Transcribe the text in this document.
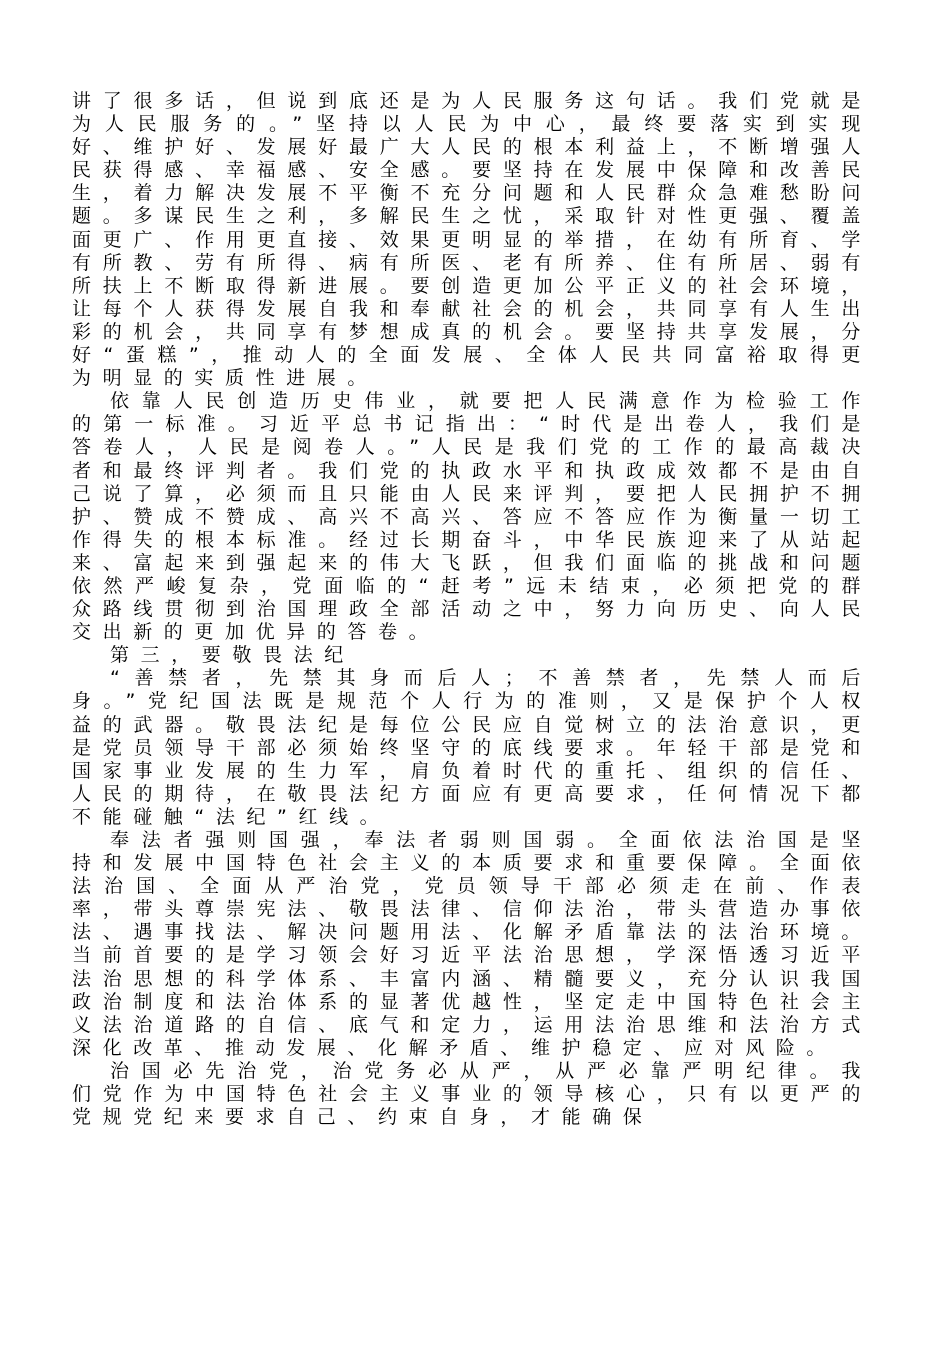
讲了很多话，但说到底还是为人民服务这句话。我们党就是为人民服务的。”坚持以人民为中心，最终要落实到实现好、维护好、发展好最广大人民的根本利益上，不断增强人民获得感、幸福感、安全感。要坚持在发展中保障和改善民生，着力解决发展不平衡不充分问题和人民群众急难愁盼问题。多谋民生之利，多解民生之忧，采取针对性更强、覆盖面更广、作用更直接、效果更明显的举措，在幼有所育、学有所教、劳有所得、病有所医、老有所养、住有所居、弱有所扶上不断取得新进展。要创造更加公平正义的社会环境，让每个人获得发展自我和奉献社会的机会，共同享有人生出彩的机会，共同享有梦想成真的机会。要坚持共享发展，分好“蛋糕”，推动人的全面发展、全体人民共同富裕取得更为明显的实质性进展。

依靠人民创造历史伟业，就要把人民满意作为检验工作的第一标准。习近平总书记指出：“时代是出卷人，我们是答卷人，人民是阅卷人。”人民是我们党的工作的最高裁决者和最终评判者。我们党的执政水平和执政成效都不是由自己说了算，必须而且只能由人民来评判，要把人民拥护不拥护、赞成不赞成、高兴不高兴、答应不答应作为衡量一切工作得失的根本标准。经过长期奋斗，中华民族迎来了从站起来、富起来到强起来的伟大飞跃，但我们面临的挑战和问题依然严峻复杂，党面临的“赶考”远未结束，必须把党的群众路线贯彻到治国理政全部活动之中，努力向历史、向人民交出新的更加优异的答卷。

第三，要敬畏法纪

“善禁者，先禁其身而后人；不善禁者，先禁人而后身。”党纪国法既是规范个人行为的准则，又是保护个人权益的武器。敬畏法纪是每位公民应自觉树立的法治意识，更是党员领导干部必须始终坚守的底线要求。年轻干部是党和国家事业发展的生力军，肩负着时代的重托、组织的信任、人民的期待，在敬畏法纪方面应有更高要求，任何情况下都不能碰触“法纪”红线。

奉法者强则国强，奉法者弱则国弱。全面依法治国是坚持和发展中国特色社会主义的本质要求和重要保障。全面依法治国、全面从严治党，党员领导干部必须走在前、作表率，带头尊崇宪法、敬畏法律、信仰法治，带头营造办事依法、遇事找法、解决问题用法、化解矛盾靠法的法治环境。当前首要的是学习领会好习近平法治思想，学深悟透习近平法治思想的科学体系、丰富内涵、精髓要义，充分认识我国政治制度和法治体系的显著优越性，坚定走中国特色社会主义法治道路的自信、底气和定力，运用法治思维和法治方式深化改革、推动发展、化解矛盾、维护稳定、应对风险。

治国必先治党，治党务必从严，从严必靠严明纪律。我们党作为中国特色社会主义事业的领导核心，只有以更严的党规党纪来要求自己、约束自身，才能确保
